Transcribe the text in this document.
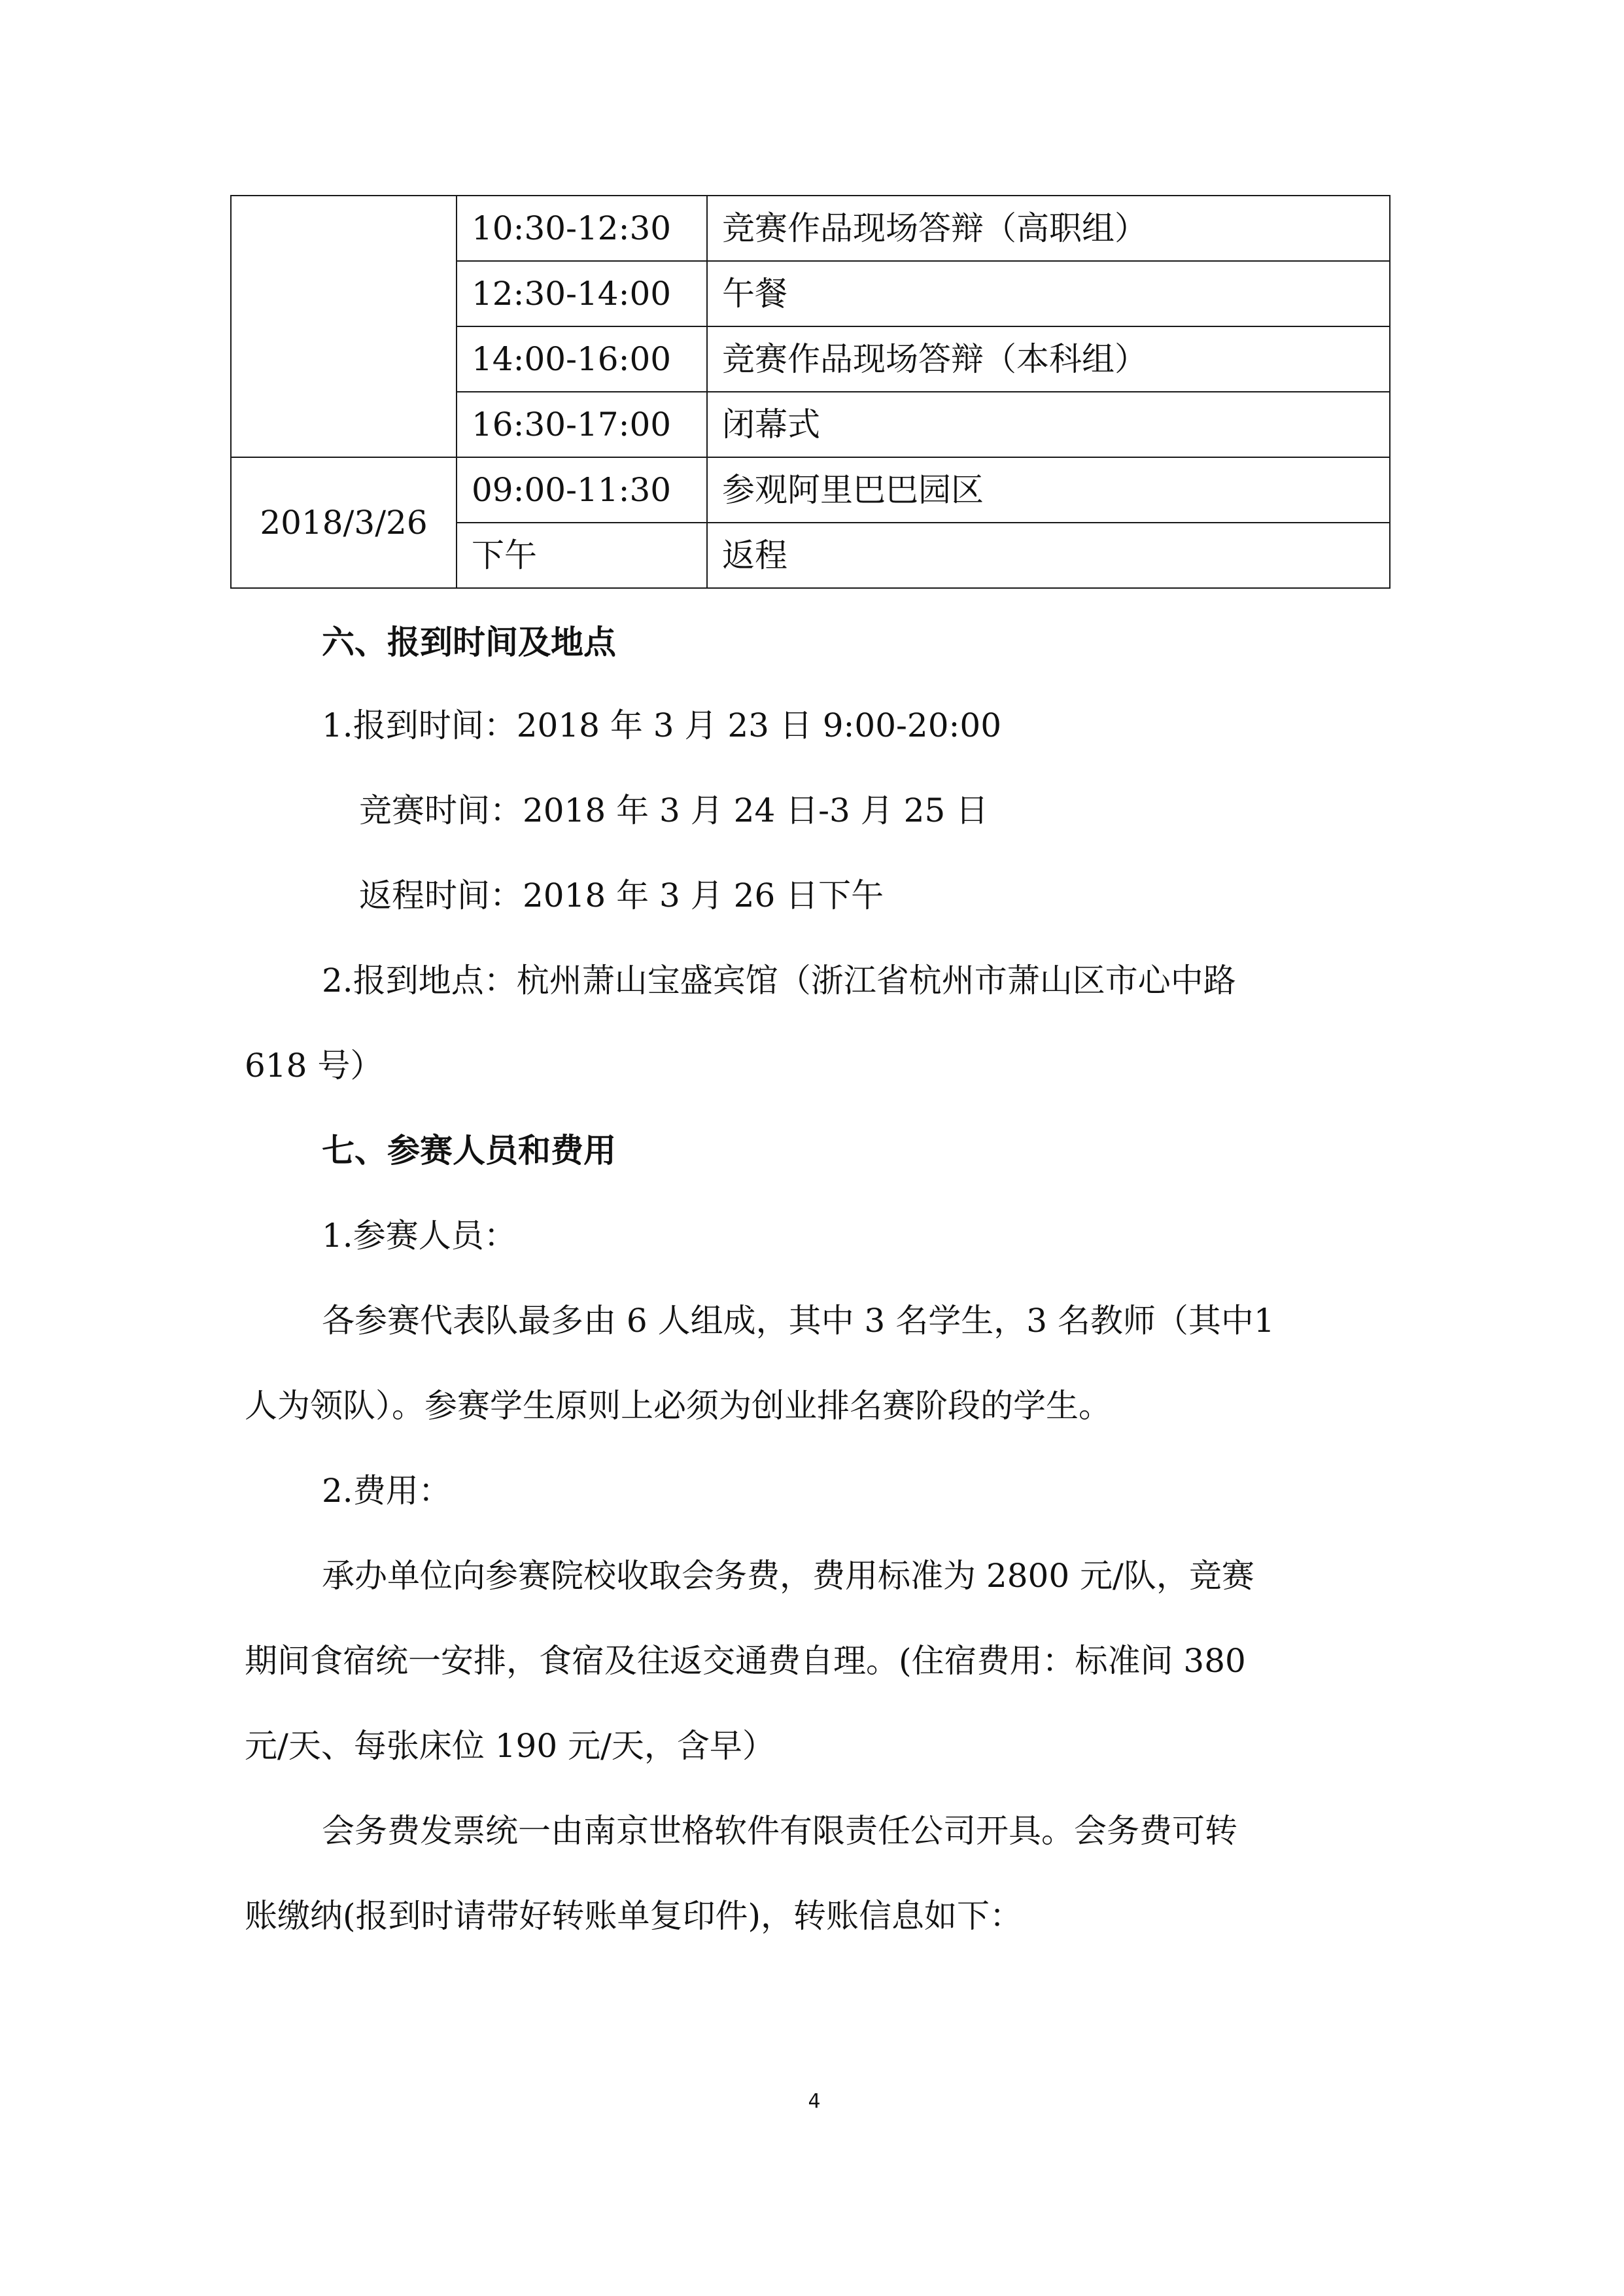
	10:30-12:30	竞赛作品现场答辩（高职组）
	12:30-14:00	午餐
	14:00-16:00	竞赛作品现场答辩（本科组）
	16:30-17:00	闭幕式
2018/3/26	09:00-11:30	参观阿里巴巴园区
	下午	返程
六、报到时间及地点
1.报到时间：2018 年 3 月 23 日 9:00-20:00
竞赛时间：2018 年 3 月 24 日-3 月 25 日
返程时间：2018 年 3 月 26 日下午
2.报到地点：杭州萧山宝盛宾馆（浙江省杭州市萧山区市心中路
618 号）
七、参赛人员和费用
1.参赛人员：
各参赛代表队最多由 6 人组成，其中 3 名学生，3 名教师（其中1
人为领队）。参赛学生原则上必须为创业排名赛阶段的学生。
2.费用：
承办单位向参赛院校收取会务费，费用标准为 2800 元/队，竞赛
期间食宿统一安排，食宿及往返交通费自理。(住宿费用：标准间 380
元/天、每张床位 190 元/天，含早）
会务费发票统一由南京世格软件有限责任公司开具。会务费可转
账缴纳(报到时请带好转账单复印件)，转账信息如下：
4
